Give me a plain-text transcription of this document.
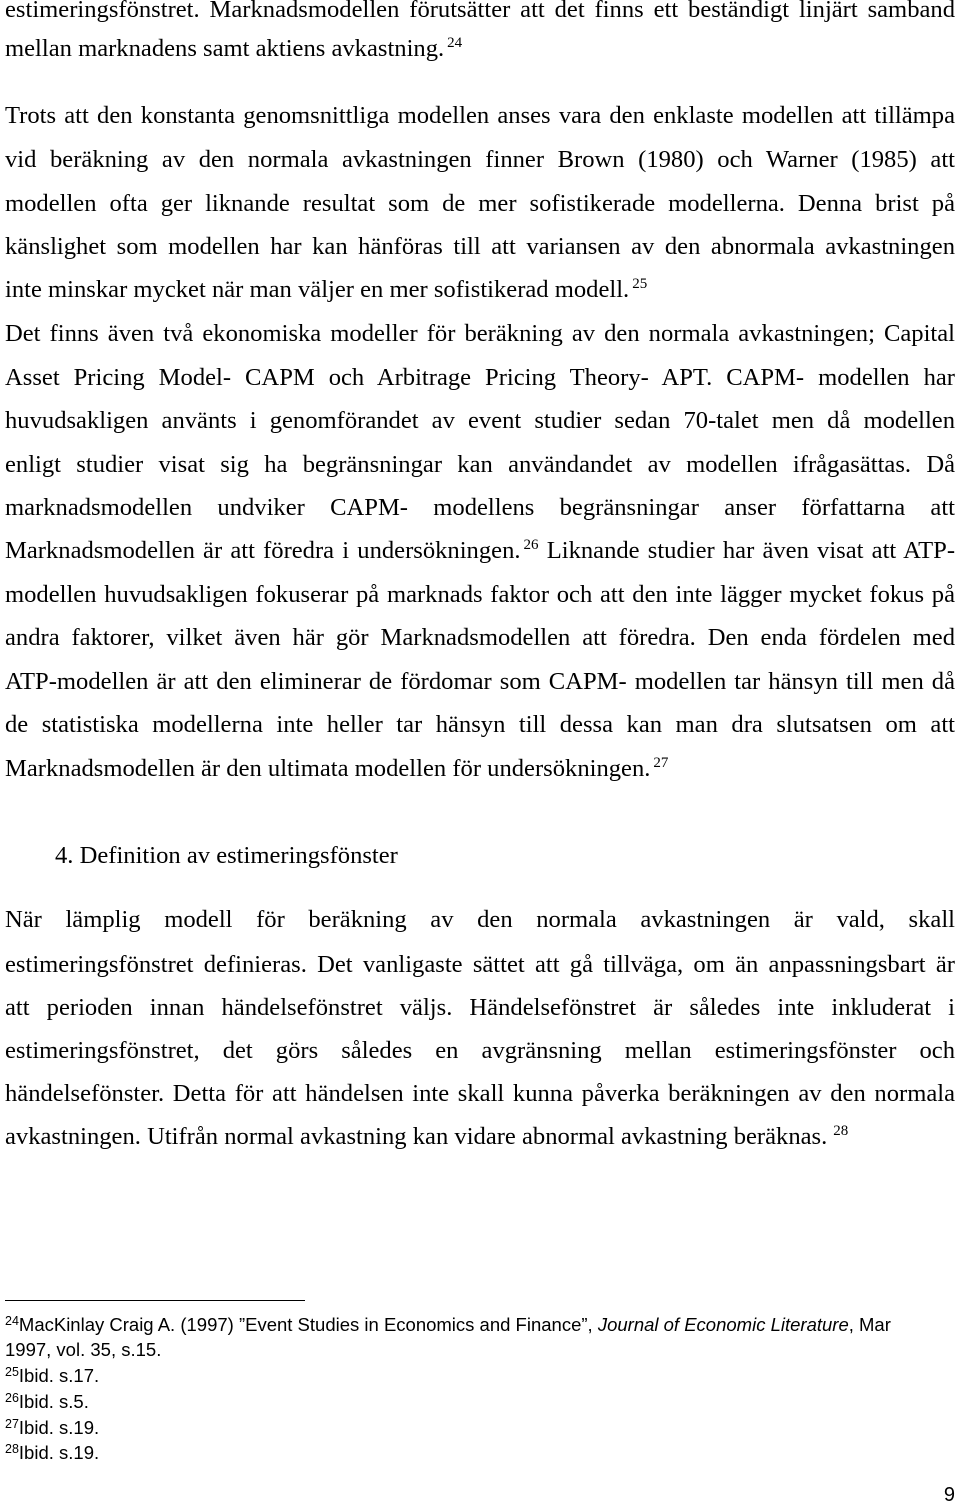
estimeringsfönstret. Marknadsmodellen förutsätter att det finns ett beständigt linjärt samband
mellan marknadens samt aktiens avkastning. $^{24}$
Trots att den konstanta genomsnittliga modellen anses vara den enklaste modellen att tillämpa
vid beräkning av den normala avkastningen finner Brown (1980) och Warner (1985) att
modellen ofta ger liknande resultat som de mer sofistikerade modellerna. Denna brist på
känslighet som modellen har kan hänföras till att variansen av den abnormala avkastningen
inte minskar mycket när man väljer en mer sofistikerad modell. $^{25}$
Det finns även två ekonomiska modeller för beräkning av den normala avkastningen; Capital
Asset Pricing Model- CAPM och Arbitrage Pricing Theory- APT. CAPM- modellen har
huvudsakligen använts i genomförandet av event studier sedan 70-talet men då modellen
enligt studier visat sig ha begränsningar kan användandet av modellen ifrågasättas. Då
marknadsmodellen undviker CAPM- modellens begränsningar anser författarna att
Marknadsmodellen är att föredra i undersökningen. $^{26}$ Liknande studier har även visat att ATP-
modellen huvudsakligen fokuserar på marknads faktor och att den inte lägger mycket fokus på
andra faktorer, vilket även här gör Marknadsmodellen att föredra. Den enda fördelen med
ATP-modellen är att den eliminerar de fördomar som CAPM- modellen tar hänsyn till men då
de statistiska modellerna inte heller tar hänsyn till dessa kan man dra slutsatsen om att
Marknadsmodellen är den ultimata modellen för undersökningen. $^{27}$
4. Definition av estimeringsfönster
När lämplig modell för beräkning av den normala avkastningen är vald, skall
estimeringsfönstret definieras. Det vanligaste sättet att gå tillväga, om än anpassningsbart är
att perioden innan händelsefönstret väljs. Händelsefönstret är således inte inkluderat i
estimeringsfönstret, det görs således en avgränsning mellan estimeringsfönster och
händelsefönster. Detta för att händelsen inte skall kunna påverka beräkningen av den normala
avkastningen. Utifrån normal avkastning kan vidare abnormal avkastning beräknas. $^{28}$
$^{24}$MacKinlay Craig A. (1997) ”Event Studies in Economics and Finance”, Journal of Economic Literature, Mar
1997, vol. 35, s.15.
$^{25}$Ibid. s.17.
$^{26}$Ibid. s.5.
$^{27}$Ibid. s.19.
$^{28}$Ibid. s.19.
9
